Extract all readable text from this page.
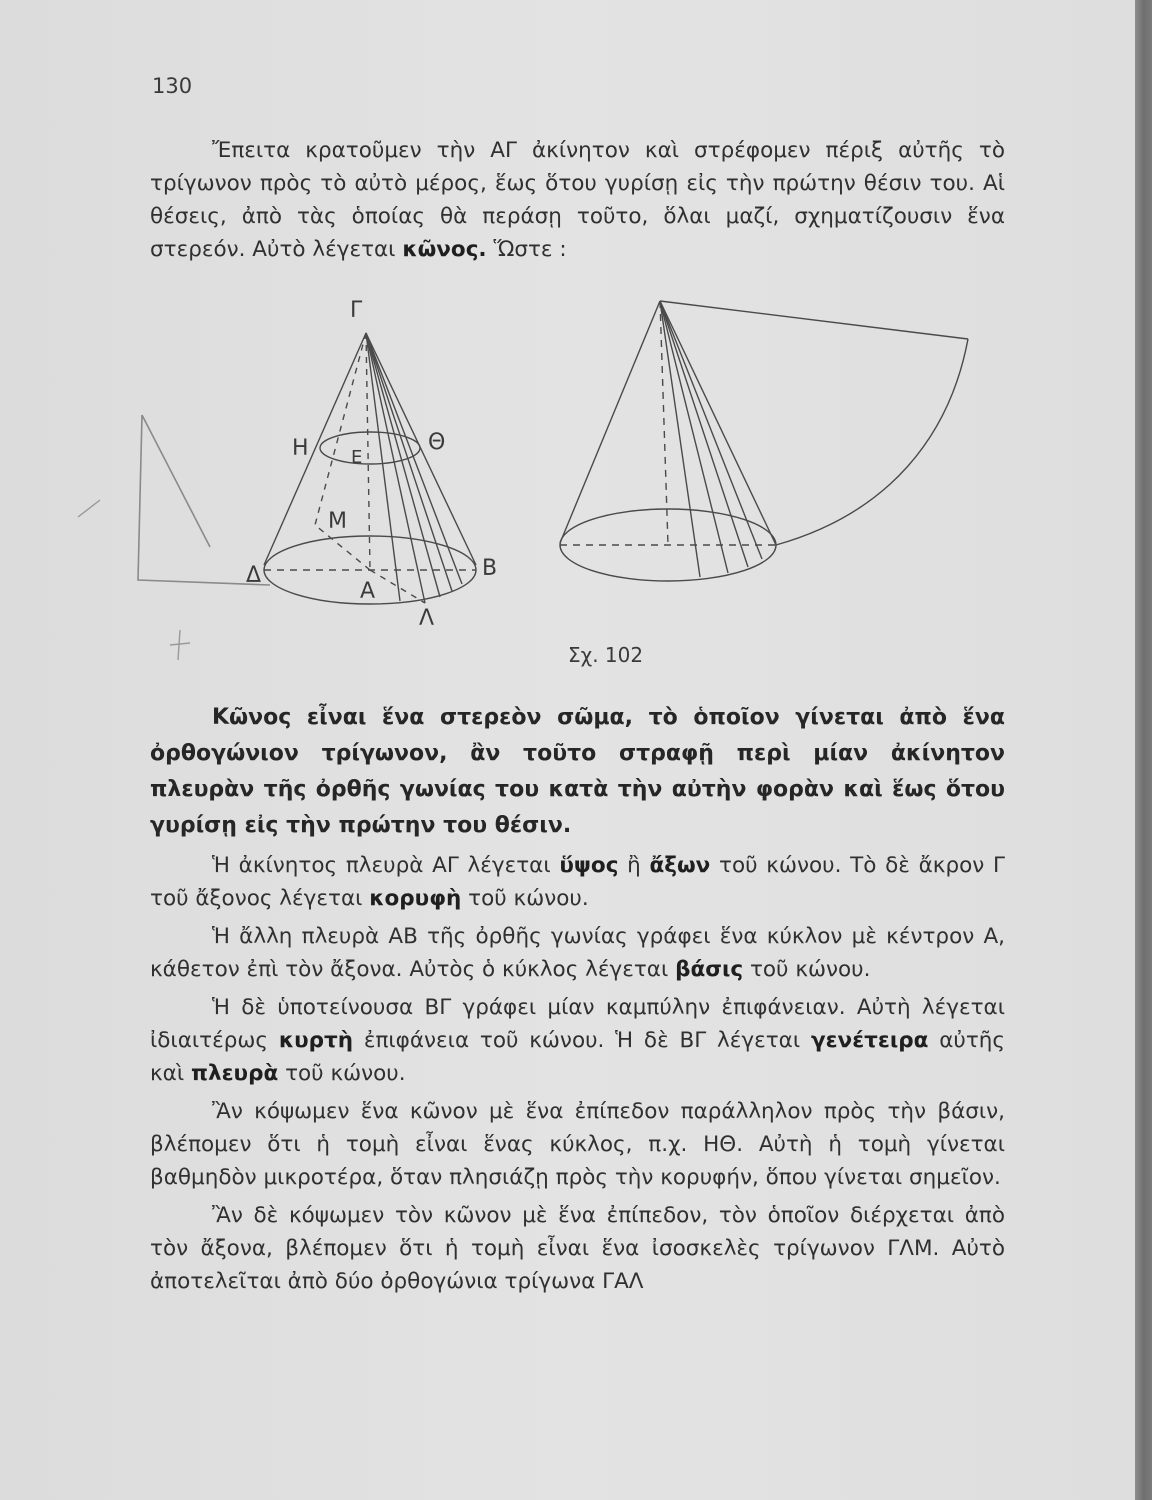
130

Ἔπειτα κρατοῦμεν τὴν ΑΓ ἀκίνητον καὶ στρέφομεν πέριξ αὐτῆς τὸ τρίγωνον πρὸς τὸ αὐτὸ μέρος, ἕως ὅτου γυρίσῃ εἰς τὴν πρώτην θέσιν του. Αἱ θέσεις, ἀπὸ τὰς ὁποίας θὰ περάσῃ τοῦτο, ὅλαι μαζί, σχηματίζουσιν ἕνα στερεόν. Αὐτὸ λέγεται κῶνος. Ὥστε :

Γ
Η	Θ
Ε
Μ
Δ	Β
Α
Λ
Σχ. 102

Κῶνος εἶναι ἕνα στερεὸν σῶμα, τὸ ὁποῖον γίνεται ἀπὸ ἕνα ὀρθογώνιον τρίγωνον, ἂν τοῦτο στραφῇ περὶ μίαν ἀκίνητον πλευρὰν τῆς ὀρθῆς γωνίας του κατὰ τὴν αὐτὴν φορὰν καὶ ἕως ὅτου γυρίσῃ εἰς τὴν πρώτην του θέσιν.

Ἡ ἀκίνητος πλευρὰ ΑΓ λέγεται ὕψος ἢ ἄξων τοῦ κώνου. Τὸ δὲ ἄκρον Γ τοῦ ἄξονος λέγεται κορυφὴ τοῦ κώνου.

Ἡ ἄλλη πλευρὰ ΑΒ τῆς ὀρθῆς γωνίας γράφει ἕνα κύκλον μὲ κέντρον Α, κάθετον ἐπὶ τὸν ἄξονα. Αὐτὸς ὁ κύκλος λέγεται βάσις τοῦ κώνου.

Ἡ δὲ ὑποτείνουσα ΒΓ γράφει μίαν καμπύλην ἐπιφάνειαν. Αὐτὴ λέγεται ἰδιαιτέρως κυρτὴ ἐπιφάνεια τοῦ κώνου. Ἡ δὲ ΒΓ λέγεται γενέτειρα αὐτῆς καὶ πλευρὰ τοῦ κώνου.

Ἂν κόψωμεν ἕνα κῶνον μὲ ἕνα ἐπίπεδον παράλληλον πρὸς τὴν βάσιν, βλέπομεν ὅτι ἡ τομὴ εἶναι ἕνας κύκλος, π.χ. ΗΘ. Αὐτὴ ἡ τομὴ γίνεται βαθμηδὸν μικροτέρα, ὅταν πλησιάζῃ πρὸς τὴν κορυφήν, ὅπου γίνεται σημεῖον.

Ἂν δὲ κόψωμεν τὸν κῶνον μὲ ἕνα ἐπίπεδον, τὸν ὁποῖον διέρχεται ἀπὸ τὸν ἄξονα, βλέπομεν ὅτι ἡ τομὴ εἶναι ἕνα ἰσοσκελὲς τρίγωνον ΓΛΜ. Αὐτὸ ἀποτελεῖται ἀπὸ δύο ὀρθογώνια τρίγωνα ΓΑΛ
